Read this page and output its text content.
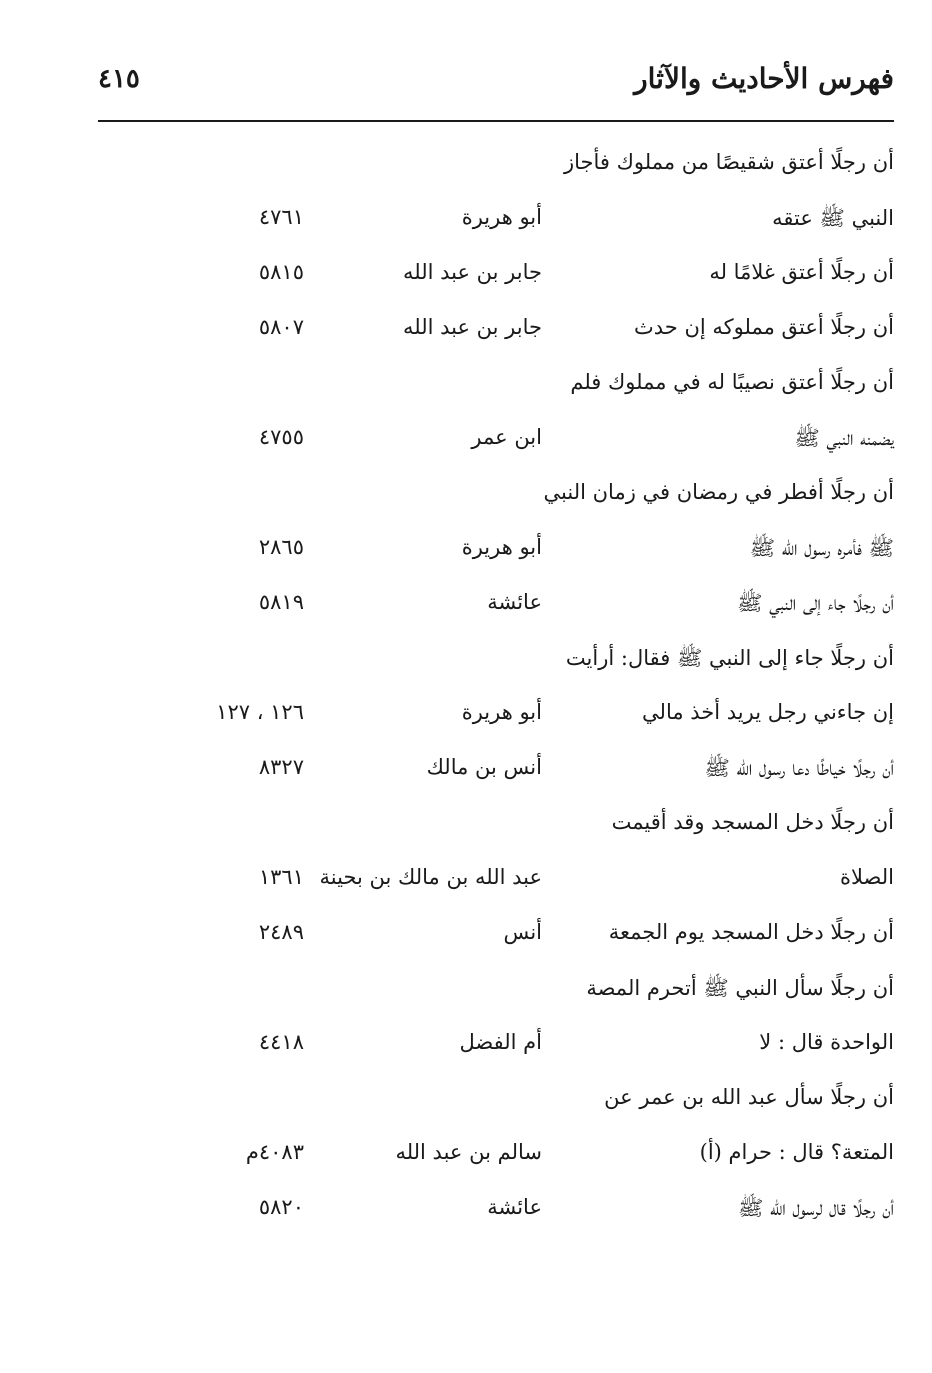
فهرس الأحاديث والآثار
٤١٥
أن رجلًا أعتق شقيصًا من مملوك فأجاز
النبي ﷺ عتقه
أبو هريرة
٤٧٦١
أن رجلًا أعتق غلامًا له
جابر بن عبد الله
٥٨١٥
أن رجلًا أعتق مملوكه إن حدث
جابر بن عبد الله
٥٨٠٧
أن رجلًا أعتق نصيبًا له في مملوك فلم
يضمنه النبي ﷺ
ابن عمر
٤٧٥٥
أن رجلًا أفطر في رمضان في زمان النبي
ﷺ فأمره رسول الله ﷺ
أبو هريرة
٢٨٦٥
أن رجلًا جاء إلى النبي ﷺ
عائشة
٥٨١٩
أن رجلًا جاء إلى النبي ﷺ فقال: أرأيت
إن جاءني رجل يريد أخذ مالي
أبو هريرة
١٢٦ ، ١٢٧
أن رجلًا خياطًا دعا رسول الله ﷺ
أنس بن مالك
٨٣٢٧
أن رجلًا دخل المسجد وقد أقيمت
الصلاة
عبد الله بن مالك بن بحينة
١٣٦١
أن رجلًا دخل المسجد يوم الجمعة
أنس
٢٤٨٩
أن رجلًا سأل النبي ﷺ أتحرم المصة
الواحدة قال : لا
أم الفضل
٤٤١٨
أن رجلًا سأل عبد الله بن عمر عن
المتعة؟ قال : حرام (أ)
سالم بن عبد الله
٤٠٨٣م
أن رجلًا قال لرسول الله ﷺ
عائشة
٥٨٢٠
